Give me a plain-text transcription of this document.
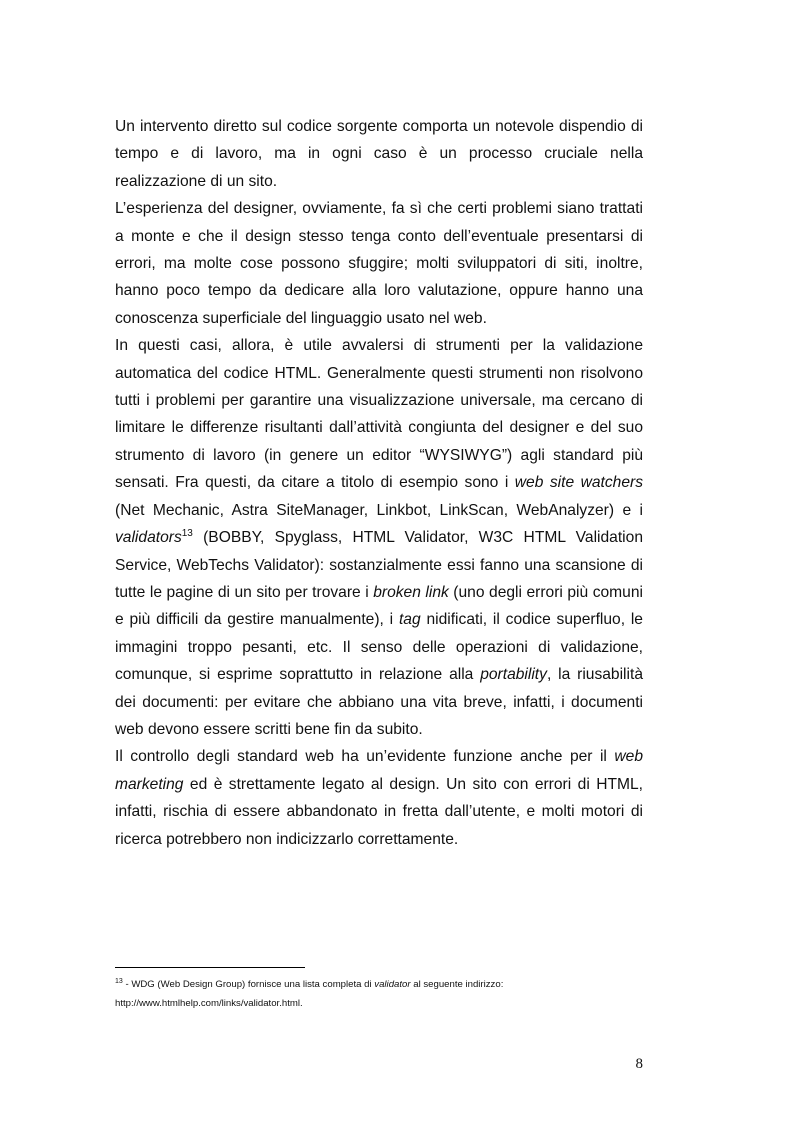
Un intervento diretto sul codice sorgente comporta un notevole dispendio di tempo e di lavoro, ma in ogni caso è un processo cruciale nella realizzazione di un sito.

L’esperienza del designer, ovviamente, fa sì che certi problemi siano trattati a monte e che il design stesso tenga conto dell’eventuale presentarsi di errori, ma molte cose possono sfuggire; molti sviluppatori di siti, inoltre, hanno poco tempo da dedicare alla loro valutazione, oppure hanno una conoscenza superficiale del linguaggio usato nel web.

In questi casi, allora, è utile avvalersi di strumenti per la validazione automatica del codice HTML. Generalmente questi strumenti non risolvono tutti i problemi per garantire una visualizzazione universale, ma cercano di limitare le differenze risultanti dall’attività congiunta del designer e del suo strumento di lavoro (in genere un editor “WYSIWYG”) agli standard più sensati. Fra questi, da citare a titolo di esempio sono i web site watchers (Net Mechanic, Astra SiteManager, Linkbot, LinkScan, WebAnalyzer) e i validators$^{13}$ (BOBBY, Spyglass, HTML Validator, W3C HTML Validation Service, WebTechs Validator): sostanzialmente essi fanno una scansione di tutte le pagine di un sito per trovare i broken link (uno degli errori più comuni e più difficili da gestire manualmente), i tag nidificati, il codice superfluo, le immagini troppo pesanti, etc. Il senso delle operazioni di validazione, comunque, si esprime soprattutto in relazione alla portability, la riusabilità dei documenti: per evitare che abbiano una vita breve, infatti, i documenti web devono essere scritti bene fin da subito.

Il controllo degli standard web ha un’evidente funzione anche per il web marketing ed è strettamente legato al design. Un sito con errori di HTML, infatti, rischia di essere abbandonato in fretta dall’utente, e molti motori di ricerca potrebbero non indicizzarlo correttamente.

$^{13}$ - WDG (Web Design Group) fornisce una lista completa di validator al seguente indirizzo:

http://www.htmlhelp.com/links/validator.html.

8
